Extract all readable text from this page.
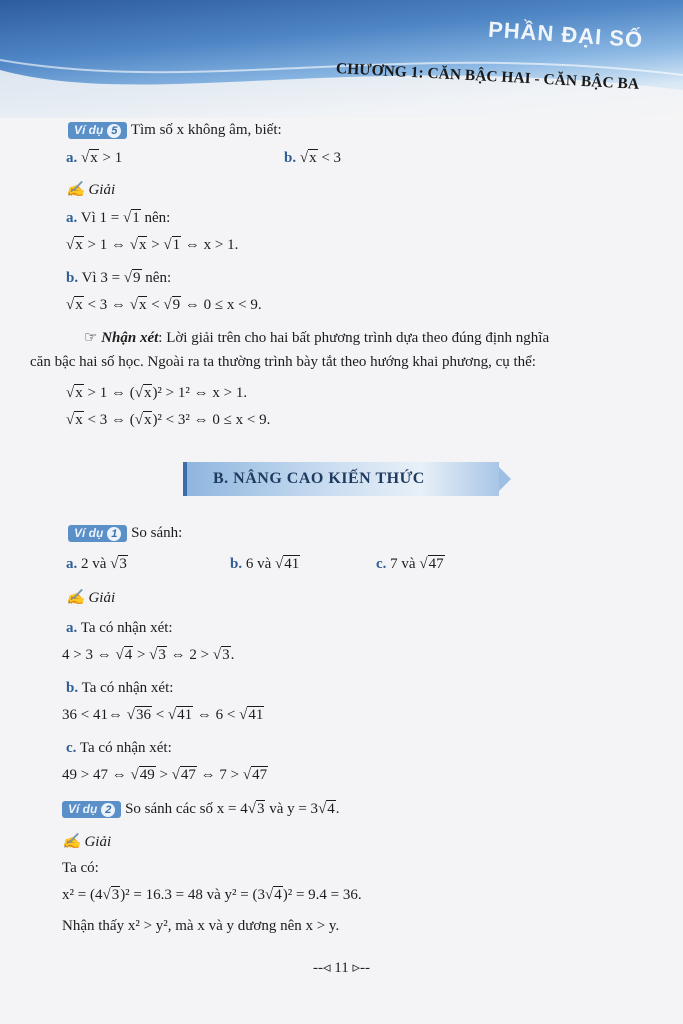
PHẦN ĐẠI SỐ
CHƯƠNG 1: CĂN BẬC HAI - CĂN BẬC BA
Ví dụ 5 Tìm số x không âm, biết:
a. √x > 1	b. √x < 3
✍ Giải
a. Vì 1 = √1 nên:
√x > 1 ⇔ √x > √1 ⇔ x > 1.
b. Vì 3 = √9 nên:
√x < 3 ⇔ √x < √9 ⇔ 0 ≤ x < 9.
☞ Nhận xét: Lời giải trên cho hai bất phương trình dựa theo đúng định nghĩa
căn bậc hai số học. Ngoài ra ta thường trình bày tắt theo hướng khai phương, cụ thể:
√x > 1 ⇔ (√x)² > 1² ⇔ x > 1.
√x < 3 ⇔ (√x)² < 3² ⇔ 0 ≤ x < 9.
B. NÂNG CAO KIẾN THỨC
Ví dụ 1 So sánh:
a. 2 và √3	b. 6 và √41	c. 7 và √47
✍ Giải
a. Ta có nhận xét:
4 > 3 ⇔ √4 > √3 ⇔ 2 > √3.
b. Ta có nhận xét:
36 < 41⇔ √36 < √41 ⇔ 6 < √41
c. Ta có nhận xét:
49 > 47 ⇔ √49 > √47 ⇔ 7 > √47
Ví dụ 2 So sánh các số x = 4√3 và y = 3√4.
✍ Giải
Ta có:
x² = (4√3)² = 16.3 = 48 và y² = (3√4)² = 9.4 = 36.
Nhận thấy x² > y², mà x và y dương nên x > y.
--◃ 11 ▹--
